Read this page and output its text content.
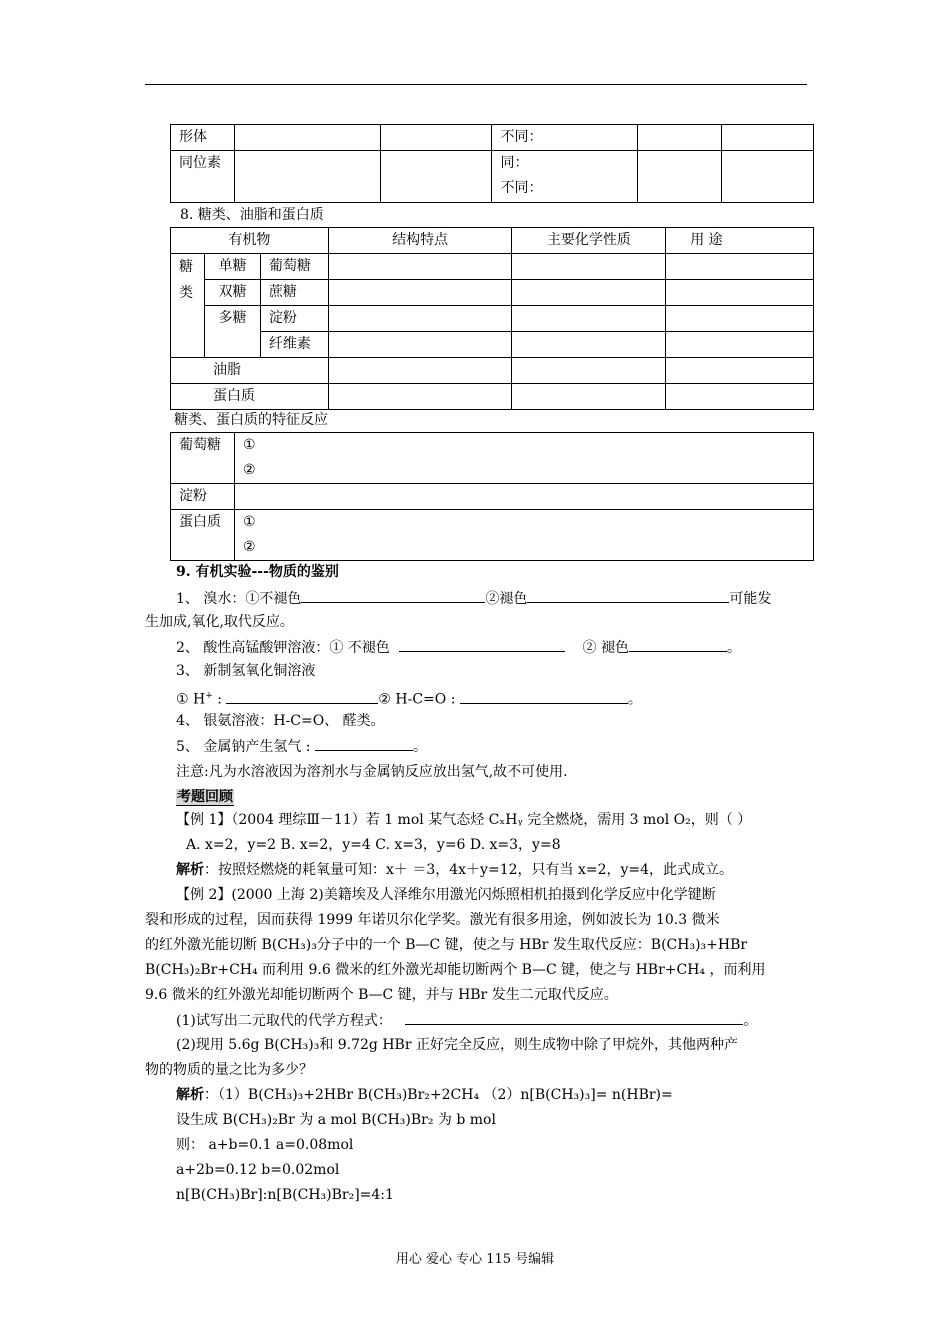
形体			不同：		
同位素			同：
不同：		

8. 糖类、油脂和蛋白质
有机物			结构特点	主要化学性质	用 途

糖
类	单糖	葡萄糖			
	双糖	蔗糖			
	多糖	淀粉			
		纤维素			
油脂					
蛋白质					
糖类、蛋白质的特征反应
葡萄糖	①
②

淀粉	
蛋白质	①
②
9. 有机实验---物质的鉴别
1、 溴水：①不褪色	②褪色	可能发
生加成,氧化,取代反应。
2、 酸性高锰酸钾溶液：① 不褪色	② 褪色	。
3、 新制氢氧化铜溶液
① H+ :	② H-C=O :	。
4、 银氨溶液：H-C=O、 醛类。
5、 金属钠产生氢气 :	。
注意:凡为水溶液因为溶剂水与金属钠反应放出氢气,故不可使用.
考题回顾
【例 1】（2004 理综Ⅲ－11）若 1 mol 某气态烃 CₓHᵧ 完全燃烧，需用 3 mol O₂，则（ ）
A. x=2，y=2 B. x=2，y=4 C. x=3，y=6 D. x=3，y=8
解析：按照烃燃烧的耗氧量可知：x＋ ＝3，4x＋y=12，只有当 x=2，y=4，此式成立。
【例 2】(2000 上海 2)美籍埃及人泽维尔用激光闪烁照相机拍摄到化学反应中化学键断
裂和形成的过程，因而获得 1999 年诺贝尔化学奖。激光有很多用途，例如波长为 10.3 微米
的红外激光能切断 B(CH₃)₃分子中的一个 B—C 键，使之与 HBr 发生取代反应：B(CH₃)₃+HBr
B(CH₃)₂Br+CH₄ 而利用 9.6 微米的红外激光却能切断两个 B—C 键，使之与 HBr+CH₄ ，而利用
9.6 微米的红外激光却能切断两个 B—C 键，并与 HBr 发生二元取代反应。
(1)试写出二元取代的代学方程式：	。
(2)现用 5.6g B(CH₃)₃和 9.72g HBr 正好完全反应，则生成物中除了甲烷外，其他两种产
物的物质的量之比为多少？
解析：（1）B(CH₃)₃+2HBr B(CH₃)Br₂+2CH₄ （2）n[B(CH₃)₃]= n(HBr)=
设生成 B(CH₃)₂Br 为 a mol B(CH₃)Br₂ 为 b mol
则： a+b=0.1 a=0.08mol
a+2b=0.12 b=0.02mol
n[B(CH₃)Br]:n[B(CH₃)Br₂]=4:1
用心 爱心 专心 115 号编辑
